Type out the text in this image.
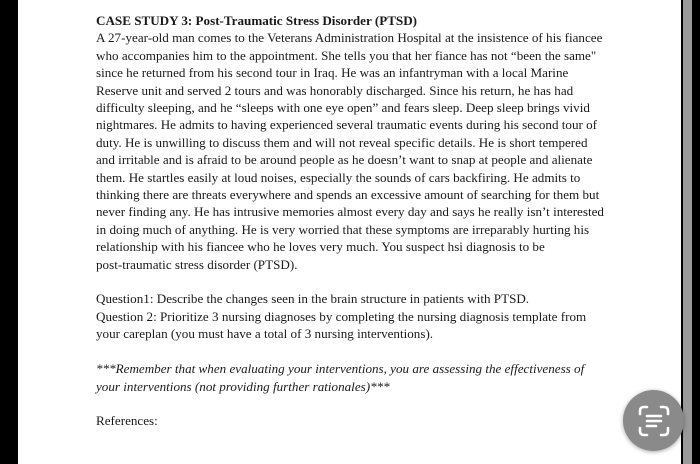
CASE STUDY 3: Post-Traumatic Stress Disorder (PTSD)
A 27-year-old man comes to the Veterans Administration Hospital at the insistence of his fiancee
who accompanies him to the appointment. She tells you that her fiance has not “been the same"
since he returned from his second tour in Iraq. He was an infantryman with a local Marine
Reserve unit and served 2 tours and was honorably discharged. Since his return, he has had
difficulty sleeping, and he “sleeps with one eye open” and fears sleep. Deep sleep brings vivid
nightmares. He admits to having experienced several traumatic events during his second tour of
duty. He is unwilling to discuss them and will not reveal specific details. He is short tempered
and irritable and is afraid to be around people as he doesn’t want to snap at people and alienate
them. He startles easily at loud noises, especially the sounds of cars backfiring. He admits to
thinking there are threats everywhere and spends an excessive amount of searching for them but
never finding any. He has intrusive memories almost every day and says he really isn’t interested
in doing much of anything. He is very worried that these symptoms are irreparably hurting his
relationship with his fiancee who he loves very much. You suspect hsi diagnosis to be
post-traumatic stress disorder (PTSD).
Question1: Describe the changes seen in the brain structure in patients with PTSD.
Question 2: Prioritize 3 nursing diagnoses by completing the nursing diagnosis template from
your careplan (you must have a total of 3 nursing interventions).
***Remember that when evaluating your interventions, you are assessing the effectiveness of
your interventions (not providing further rationales)***
References:
